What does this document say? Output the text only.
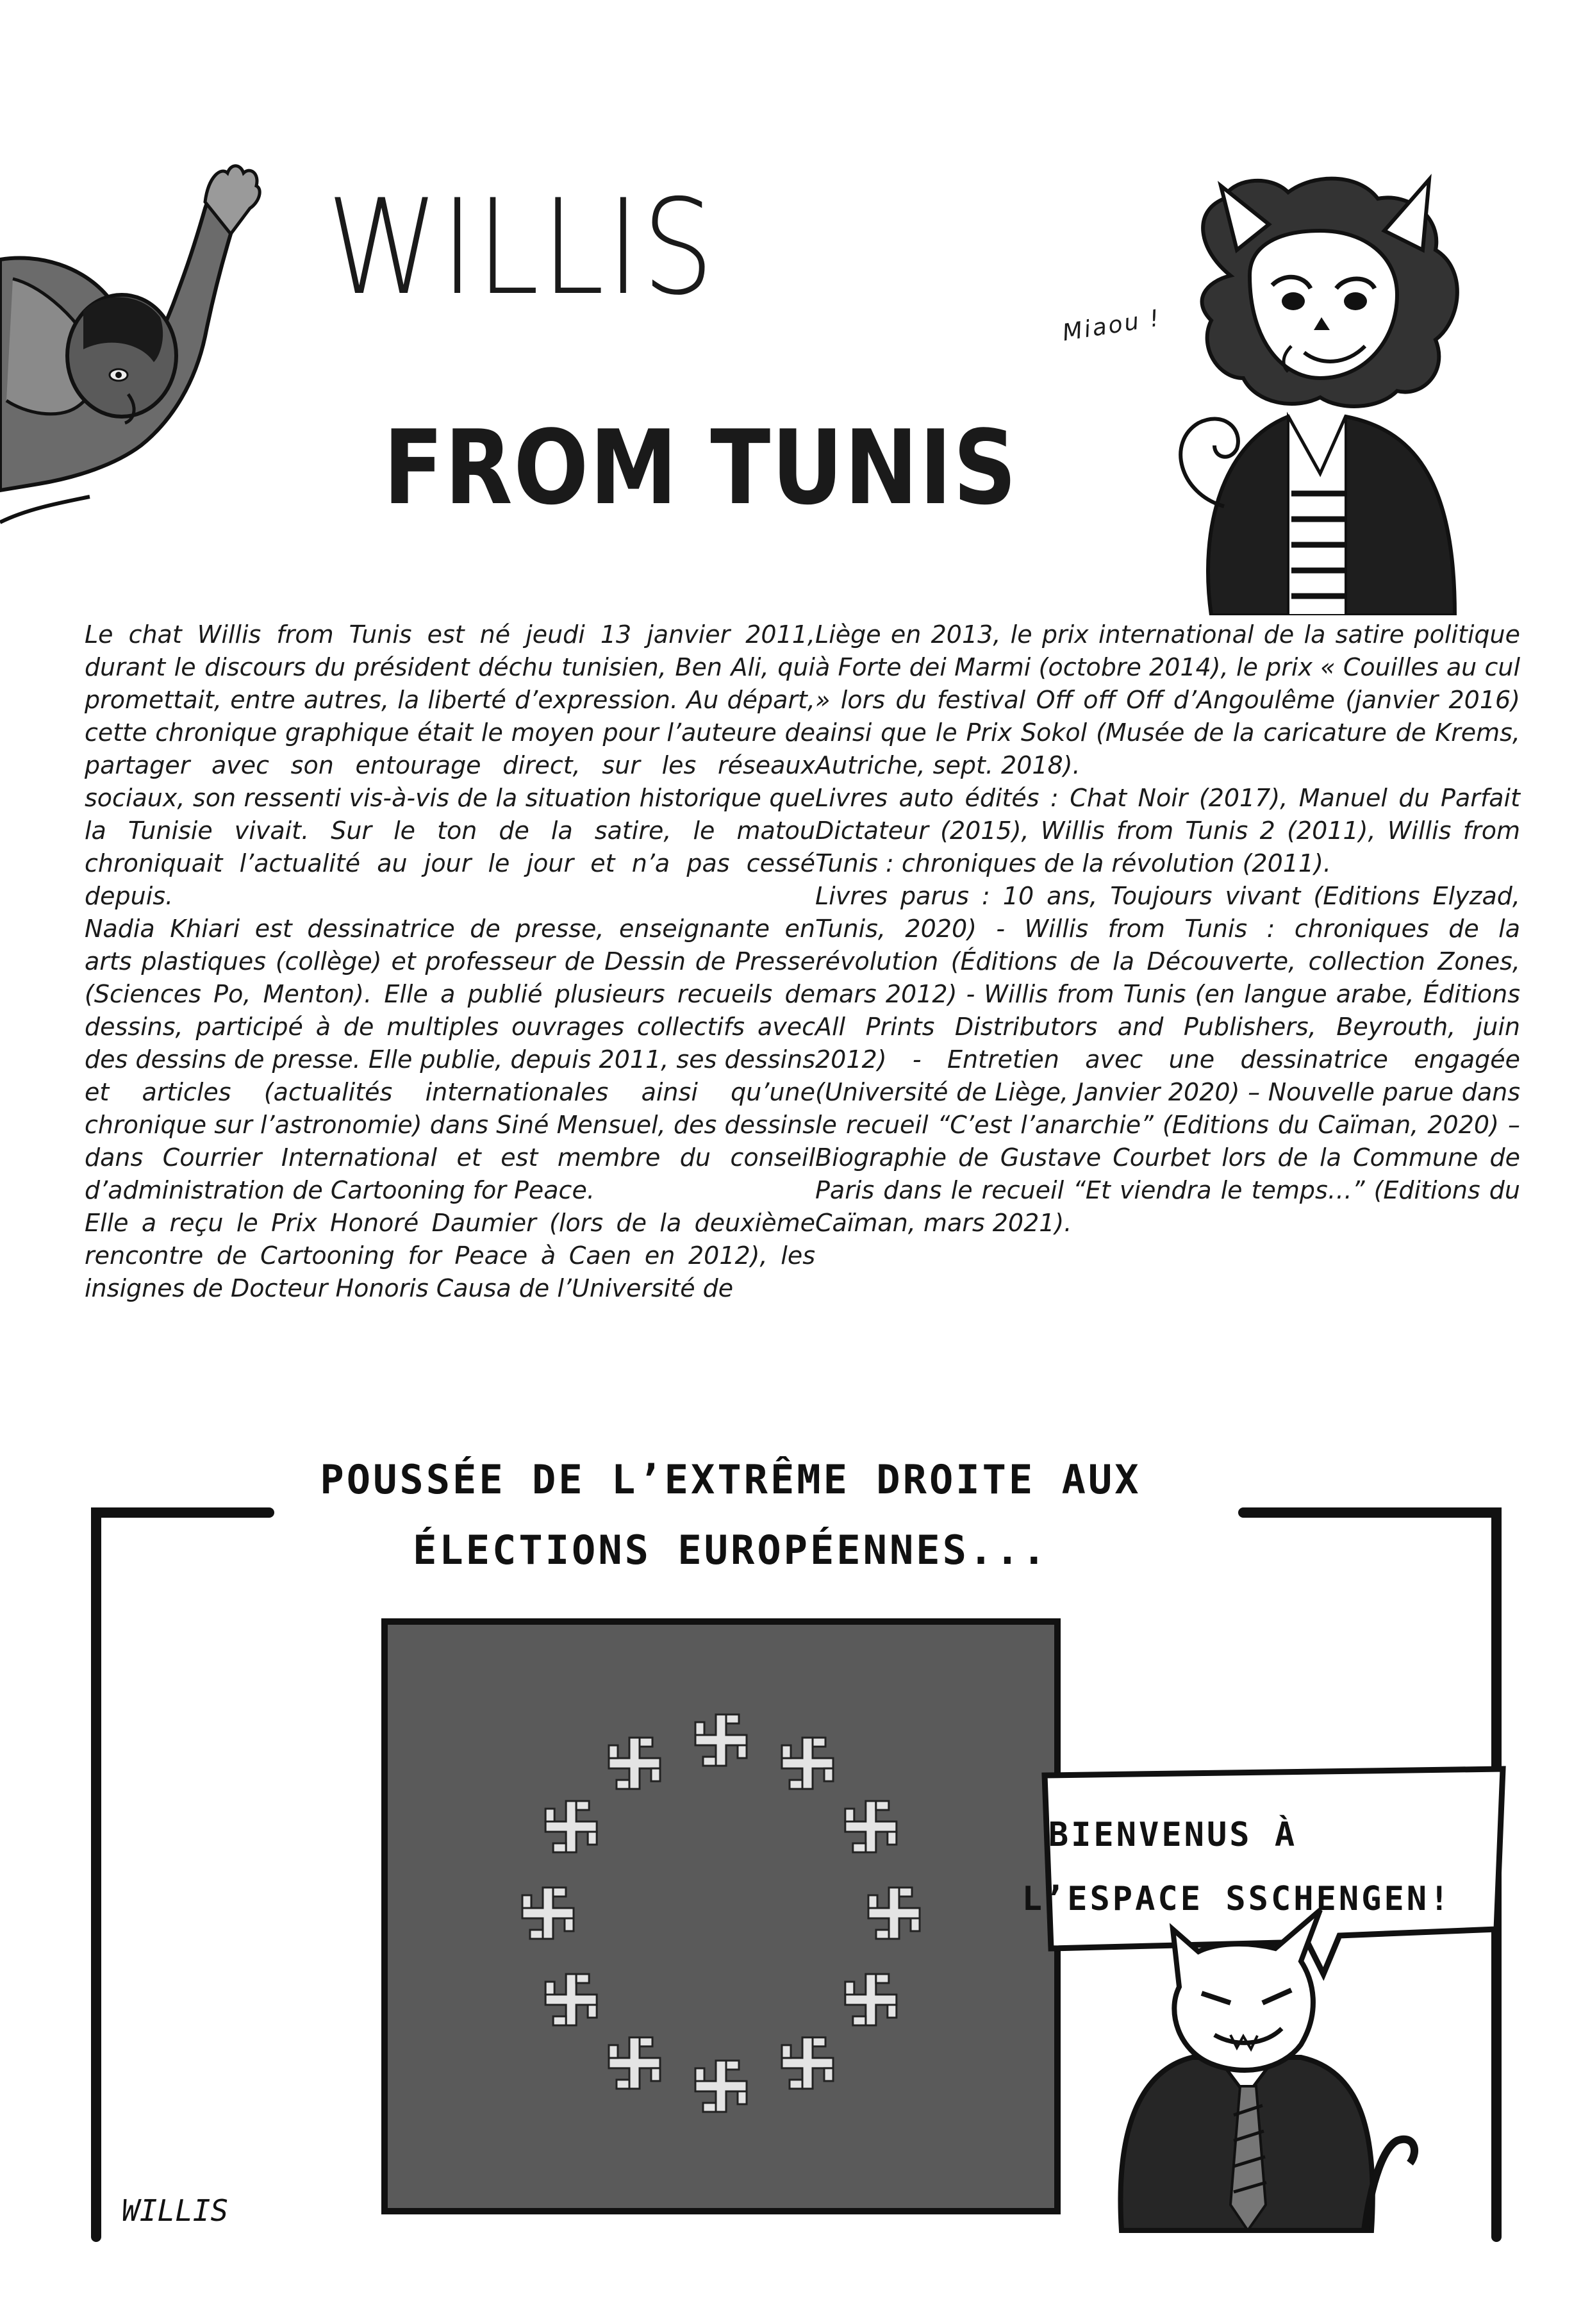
WILLIS
FROM TUNIS
Miaou !

Le chat Willis from Tunis est né jeudi 13 janvier 2011, durant le discours du président déchu tunisien, Ben Ali, qui promettait, entre autres, la liberté d’expression. Au départ, cette chronique graphique était le moyen pour l’auteure de partager avec son entourage direct, sur les réseaux sociaux, son ressenti vis-à-vis de la situation historique que la Tunisie vivait. Sur le ton de la satire, le matou chroniquait l’actualité au jour le jour et n’a pas cessé depuis.

Nadia Khiari est dessinatrice de presse, enseignante en arts plastiques (collège) et professeur de Dessin de Presse (Sciences Po, Menton). Elle a publié plusieurs recueils de dessins, participé à de multiples ouvrages collectifs avec des dessins de presse. Elle publie, depuis 2011, ses dessins et articles (actualités internationales ainsi qu’une chronique sur l’astronomie) dans Siné Mensuel, des dessins dans Courrier International et est membre du conseil d’administration de Cartooning for Peace.

Elle a reçu le Prix Honoré Daumier (lors de la deuxième rencontre de Cartooning for Peace à Caen en 2012), les insignes de Docteur Honoris Causa de l’Université de

Liège en 2013, le prix international de la satire politique à Forte dei Marmi (octobre 2014), le prix « Couilles au cul » lors du festival Off off Off d’Angoulême (janvier 2016) ainsi que le Prix Sokol (Musée de la caricature de Krems, Autriche, sept. 2018).

Livres auto édités : Chat Noir (2017), Manuel du Parfait Dictateur (2015), Willis from Tunis 2 (2011), Willis from Tunis : chroniques de la révolution (2011).

Livres parus : 10 ans, Toujours vivant (Editions Elyzad, Tunis, 2020) - Willis from Tunis : chroniques de la révolution (Éditions de la Découverte, collection Zones, mars 2012) - Willis from Tunis (en langue arabe, Éditions All Prints Distributors and Publishers, Beyrouth, juin 2012) - Entretien avec une dessinatrice engagée (Université de Liège, Janvier 2020) – Nouvelle parue dans le recueil “C’est l’anarchie” (Editions du Caïman, 2020) – Biographie de Gustave Courbet lors de la Commune de Paris dans le recueil “Et viendra le temps…” (Editions du Caïman, mars 2021).

POUSSÉE DE L’EXTRÊME DROITE AUX
ÉLECTIONS EUROPÉENNES...
BIENVENUS À
L’ESPACE SSCHENGEN!
WILLIS
